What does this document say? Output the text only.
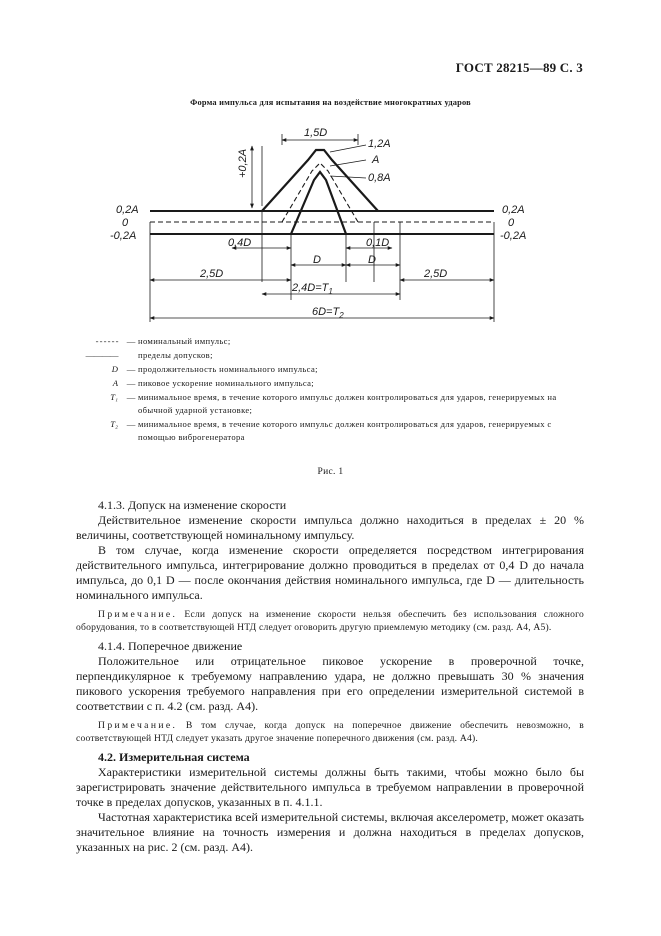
ГОСТ 28215—89 С. 3
Форма импульса для испытания на воздействие многократных ударов
1,5D
+0,2A
1,2A
A
0,8A
0,2A
0
-0,2A
0,2A
0
-0,2A
0,4D	0,1D
D	D
2,5D	2,5D
$2,4D=T_1$
$6D=T_2$
- - - - - -	— номинальный импульс;
————
	пределы допусков;
D	— продолжительность номинального импульса;
A	— пиковое ускорение номинального импульса;
T₁	— минимальное время, в течение которого импульс должен контролироваться для ударов, генерируемых на обычной ударной установке;
T₂	— минимальное время, в течение которого импульс должен контролироваться для ударов, генерируемых с помощью виброгенератора
Рис. 1

4.1.3. Допуск на изменение скорости

Действительное изменение скорости импульса должно находиться в пределах ± 20 % величины, соответствующей номинальному импульсу.

В том случае, когда изменение скорости определяется посредством интегрирования действительного импульса, интегрирование должно проводиться в пределах от 0,4 D до начала импульса, до 0,1 D — после окончания действия номинального импульса, где D — длительность номинального импульса.

Примечание. Если допуск на изменение скорости нельзя обеспечить без использования сложного оборудования, то в соответствующей НТД следует оговорить другую приемлемую методику (см. разд. А4, А5).

4.1.4. Поперечное движение

Положительное или отрицательное пиковое ускорение в проверочной точке, перпендикулярное к требуемому направлению удара, не должно превышать 30 % значения пикового ускорения требуемого направления при его определении измерительной системой в соответствии с п. 4.2 (см. разд. А4).

Примечание. В том случае, когда допуск на поперечное движение обеспечить невозможно, в соответствующей НТД следует указать другое значение поперечного движения (см. разд. А4).

4.2. Измерительная система

Характеристики измерительной системы должны быть такими, чтобы можно было бы зарегистрировать значение действительного импульса в требуемом направлении в проверочной точке в пределах допусков, указанных в п. 4.1.1.

Частотная характеристика всей измерительной системы, включая акселерометр, может оказать значительное влияние на точность измерения и должна находиться в пределах допусков, указанных на рис. 2 (см. разд. А4).
